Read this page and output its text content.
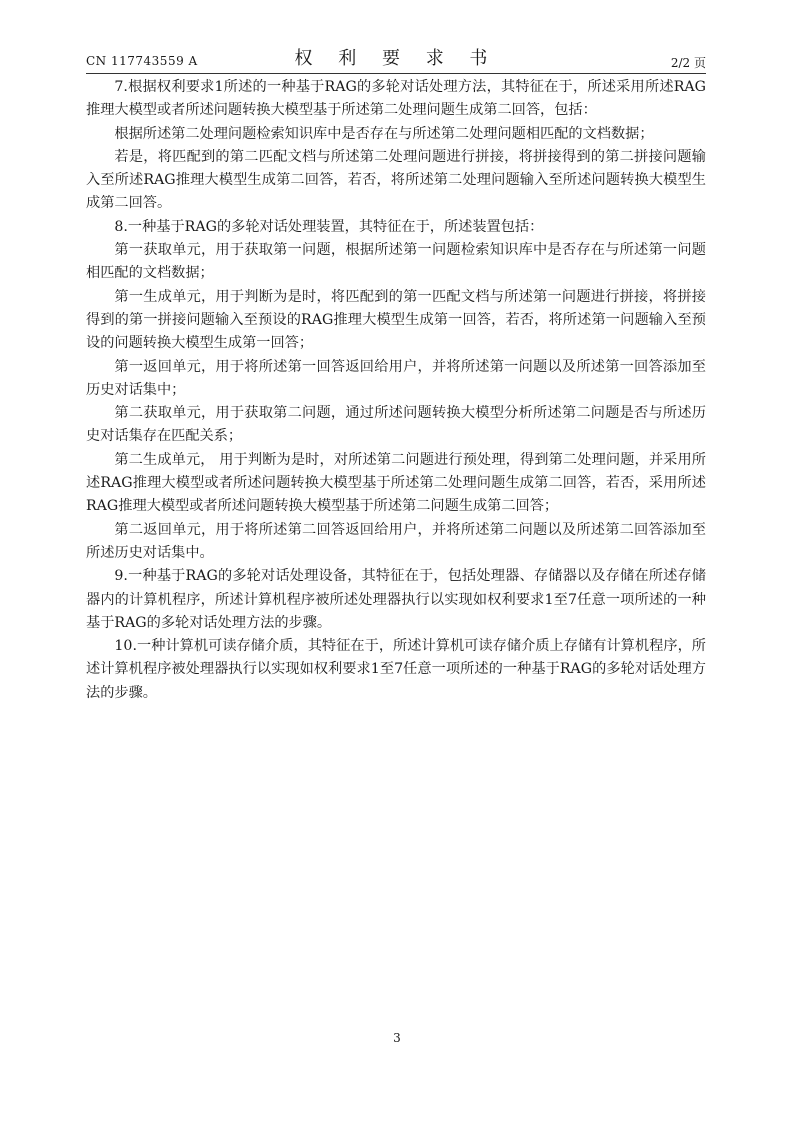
CN 117743559 A	权 利 要 求 书	2/2 页

7.根据权利要求1所述的一种基于RAG的多轮对话处理方法，其特征在于，所述采用所述RAG推理大模型或者所述问题转换大模型基于所述第二处理问题生成第二回答，包括：

根据所述第二处理问题检索知识库中是否存在与所述第二处理问题相匹配的文档数据；

若是，将匹配到的第二匹配文档与所述第二处理问题进行拼接，将拼接得到的第二拼接问题输入至所述RAG推理大模型生成第二回答，若否，将所述第二处理问题输入至所述问题转换大模型生成第二回答。

8.一种基于RAG的多轮对话处理装置，其特征在于，所述装置包括：

第一获取单元，用于获取第一问题，根据所述第一问题检索知识库中是否存在与所述第一问题相匹配的文档数据；

第一生成单元，用于判断为是时，将匹配到的第一匹配文档与所述第一问题进行拼接，将拼接得到的第一拼接问题输入至预设的RAG推理大模型生成第一回答，若否，将所述第一问题输入至预设的问题转换大模型生成第一回答；

第一返回单元，用于将所述第一回答返回给用户，并将所述第一问题以及所述第一回答添加至历史对话集中；

第二获取单元，用于获取第二问题，通过所述问题转换大模型分析所述第二问题是否与所述历史对话集存在匹配关系；

第二生成单元， 用于判断为是时，对所述第二问题进行预处理，得到第二处理问题，并采用所述RAG推理大模型或者所述问题转换大模型基于所述第二处理问题生成第二回答，若否，采用所述RAG推理大模型或者所述问题转换大模型基于所述第二问题生成第二回答；

第二返回单元，用于将所述第二回答返回给用户，并将所述第二问题以及所述第二回答添加至所述历史对话集中。

9.一种基于RAG的多轮对话处理设备，其特征在于，包括处理器、存储器以及存储在所述存储器内的计算机程序，所述计算机程序被所述处理器执行以实现如权利要求1至7任意一项所述的一种基于RAG的多轮对话处理方法的步骤。

10.一种计算机可读存储介质，其特征在于，所述计算机可读存储介质上存储有计算机程序，所述计算机程序被处理器执行以实现如权利要求1至7任意一项所述的一种基于RAG的多轮对话处理方法的步骤。

3
